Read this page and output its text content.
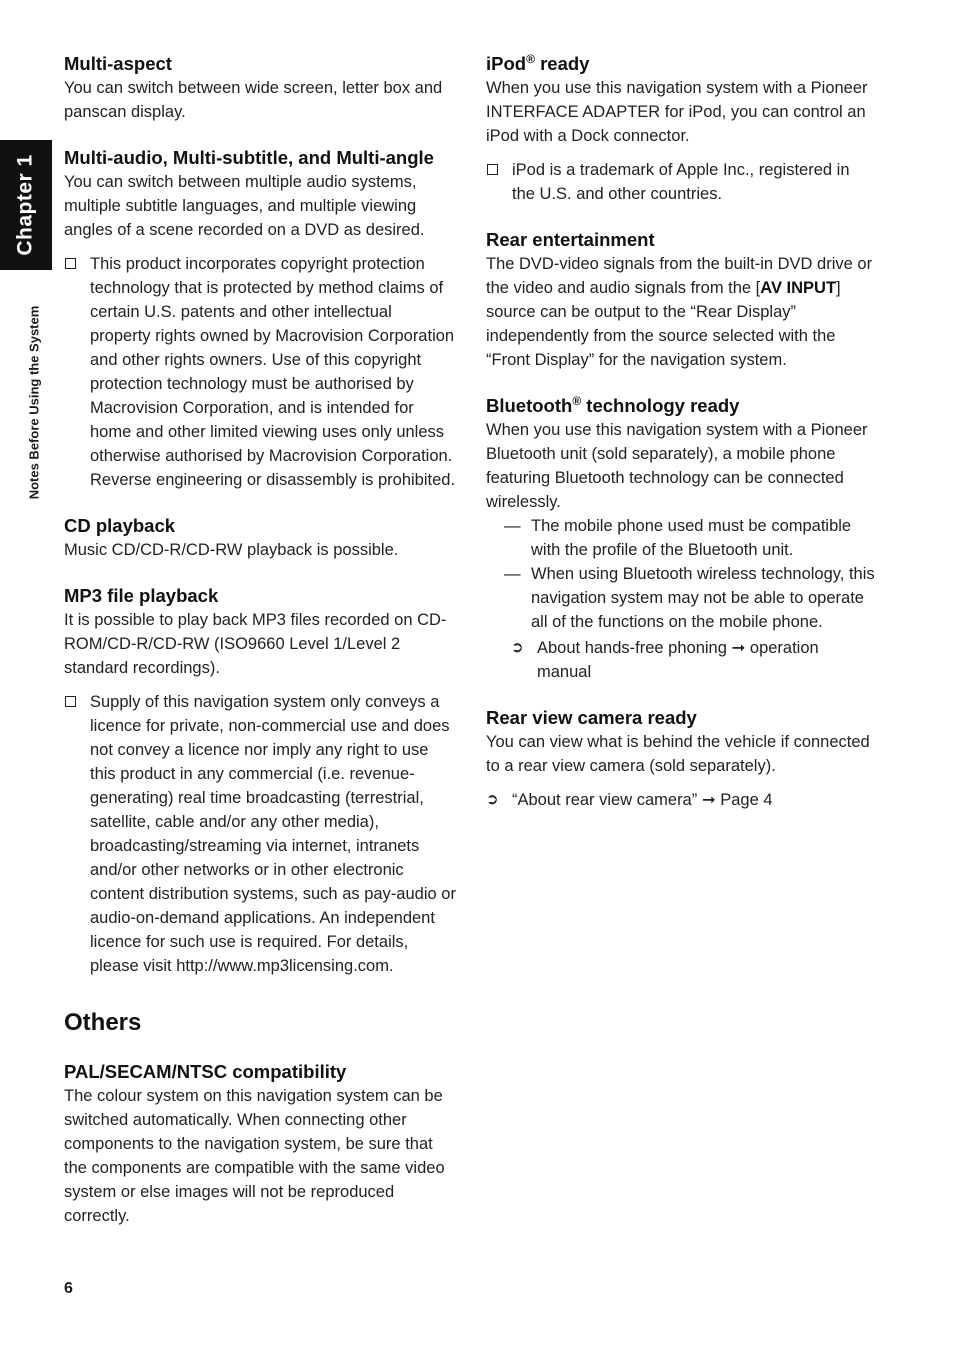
Chapter 1
Notes Before Using the System
Multi-aspect

You can switch between wide screen, letter box and panscan display.

Multi-audio, Multi-subtitle, and Multi-angle

You can switch between multiple audio systems, multiple subtitle languages, and multiple viewing angles of a scene recorded on a DVD as desired.

This product incorporates copyright protection technology that is protected by method claims of certain U.S. patents and other intellectual property rights owned by Macrovision Corporation and other rights owners. Use of this copyright protection technology must be authorised by Macrovision Corporation, and is intended for home and other limited viewing uses only unless otherwise authorised by Macrovision Corporation. Reverse engineering or disassembly is prohibited.
CD playback

Music CD/CD-R/CD-RW playback is possible.

MP3 file playback

It is possible to play back MP3 files recorded on CD-ROM/CD-R/CD-RW (ISO9660 Level 1/Level 2 standard recordings).

Supply of this navigation system only conveys a licence for private, non-commercial use and does not convey a licence nor imply any right to use this product in any commercial (i.e. revenue-generating) real time broadcasting (terrestrial, satellite, cable and/or any other media), broadcasting/streaming via internet, intranets and/or other networks or in other electronic content distribution systems, such as pay-audio or audio-on-demand applications. An independent licence for such use is required. For details, please visit http://www.mp3licensing.com.
Others
PAL/SECAM/NTSC compatibility

The colour system on this navigation system can be switched automatically. When connecting other components to the navigation system, be sure that the components are compatible with the same video system or else images will not be reproduced correctly.

iPod® ready

When you use this navigation system with a Pioneer INTERFACE ADAPTER for iPod, you can control an iPod with a Dock connector.

iPod is a trademark of Apple Inc., registered in the U.S. and other countries.
Rear entertainment

The DVD-video signals from the built-in DVD drive or the video and audio signals from the [AV INPUT] source can be output to the “Rear Display” independently from the source selected with the “Front Display” for the navigation system.

Bluetooth® technology ready

When you use this navigation system with a Pioneer Bluetooth unit (sold separately), a mobile phone featuring Bluetooth technology can be connected wirelessly.

— The mobile phone used must be compatible with the profile of the Bluetooth unit.
— When using Bluetooth wireless technology, this navigation system may not be able to operate all of the functions on the mobile phone.
➲ About hands-free phoning ➞ operation manual
Rear view camera ready

You can view what is behind the vehicle if connected to a rear view camera (sold separately).

➲ “About rear view camera” ➞ Page 4
6
